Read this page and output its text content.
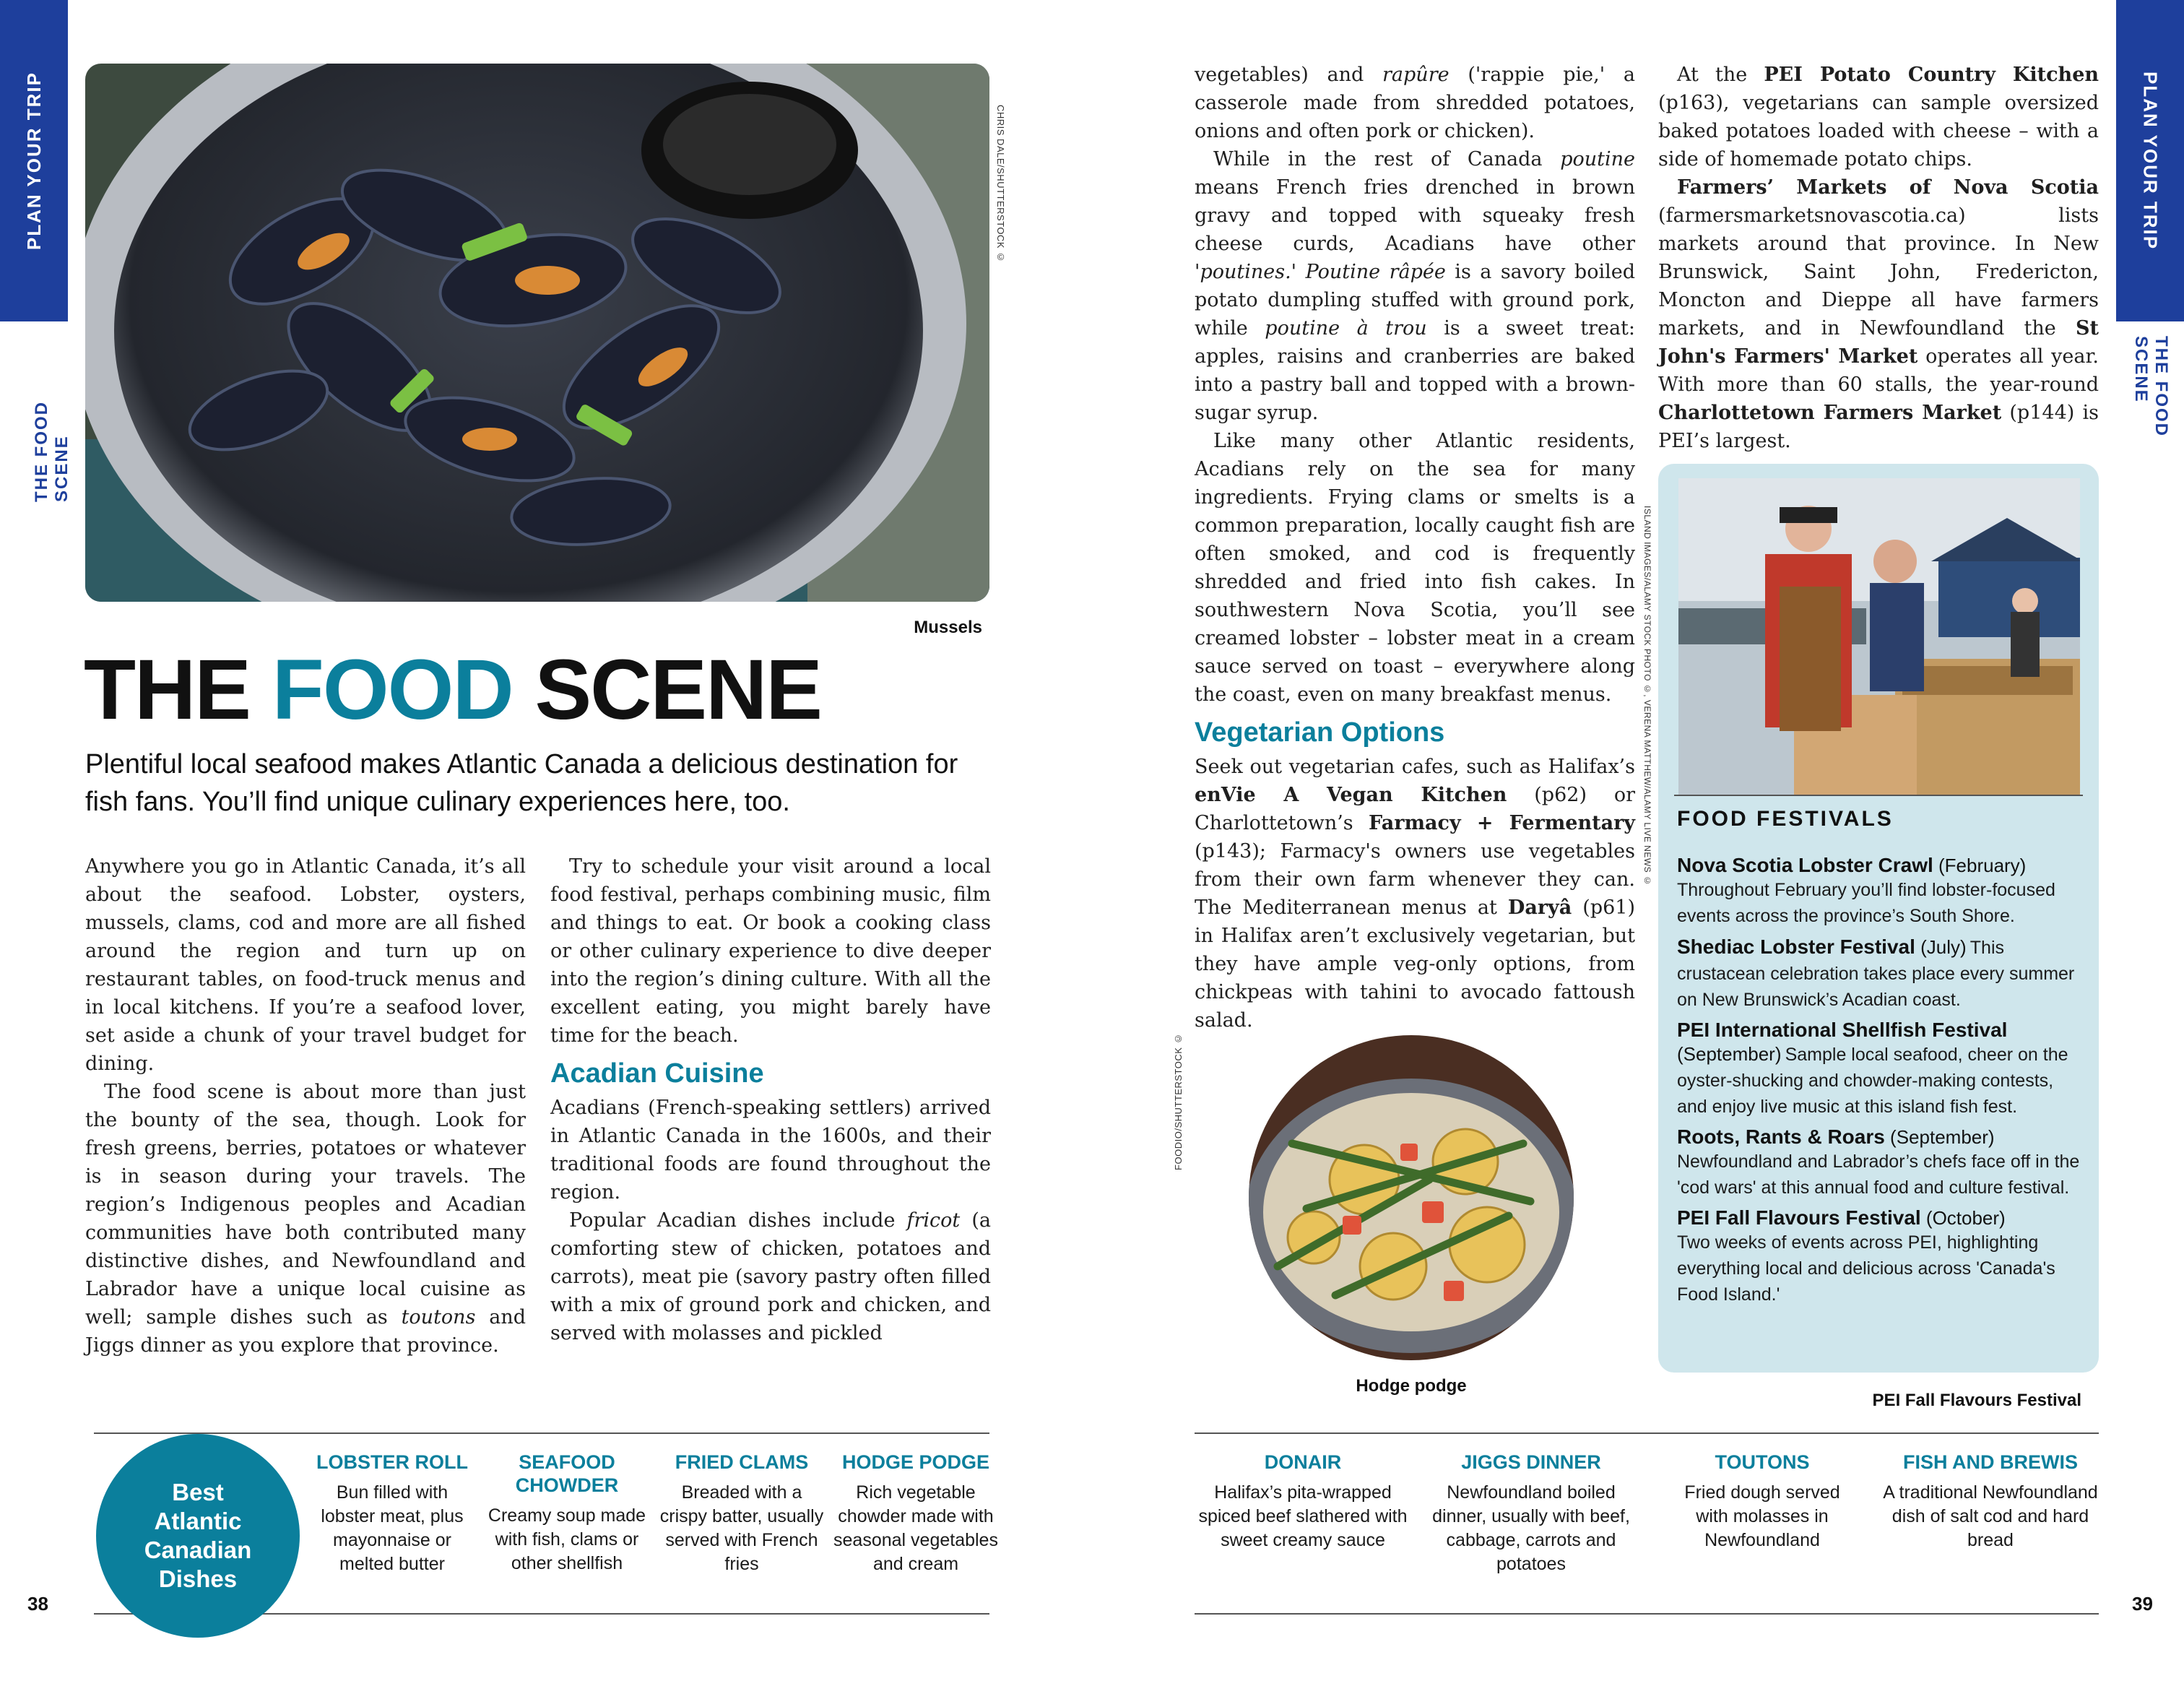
PLAN YOUR TRIP
THE FOOD SCENE
PLAN YOUR TRIP
THE FOOD SCENE
CHRIS DALE/SHUTTERSTOCK ©
Mussels
THE FOOD SCENE
Plentiful local seafood makes Atlantic Canada a delicious destination for fish fans. You’ll find unique culinary experiences here, too.

Anywhere you go in Atlantic Canada, it’s all about the seafood. Lobster, oysters, mussels, clams, cod and more are all fished around the region and turn up on restaurant tables, on food-truck menus and in local kitchens. If you’re a seafood lover, set aside a chunk of your travel budget for dining.

The food scene is about more than just the bounty of the sea, though. Look for fresh greens, berries, potatoes or whatever is in season during your travels. The region’s Indigenous peoples and Acadian communities have both contributed many distinctive dishes, and Newfoundland and Labrador have a unique local cuisine as well; sample dishes such as toutons and Jiggs dinner as you explore that province.

Try to schedule your visit around a local food festival, perhaps combining music, film and things to eat. Or book a cooking class or other culinary experience to dive deeper into the region’s dining culture. With all the excellent eating, you might barely have time for the beach.

Acadian Cuisine

Acadians (French-speaking settlers) arrived in Atlantic Canada in the 1600s, and their traditional foods are found throughout the region.

Popular Acadian dishes include fricot (a comforting stew of chicken, potatoes and carrots), meat pie (savory pastry often filled with a mix of ground pork and chicken, and served with molasses and pickled

Best Atlantic Canadian Dishes
LOBSTER ROLL
Bun filled with lobster meat, plus mayonnaise or melted butter
SEAFOOD CHOWDER
Creamy soup made with fish, clams or other shellfish
FRIED CLAMS
Breaded with a crispy batter, usually served with French fries
HODGE PODGE
Rich vegetable chowder made with seasonal vegetables and cream
38

vegetables) and rapûre ('rappie pie,' a casserole made from shredded potatoes, onions and often pork or chicken).

While in the rest of Canada poutine means French fries drenched in brown gravy and topped with squeaky fresh cheese curds, Acadians have other 'poutines.' Poutine râpée is a savory boiled potato dumpling stuffed with ground pork, while poutine à trou is a sweet treat: apples, raisins and cranberries are baked into a pastry ball and topped with a brown-sugar syrup.

Like many other Atlantic residents, Acadians rely on the sea for many ingredients. Frying clams or smelts is a common preparation, locally caught fish are often smoked, and cod is frequently shredded and fried into fish cakes. In southwestern Nova Scotia, you’ll see creamed lobster – lobster meat in a cream sauce served on toast – everywhere along the coast, even on many breakfast menus.

Vegetarian Options

Seek out vegetarian cafes, such as Halifax’s enVie A Vegan Kitchen (p62) or Charlottetown’s Farmacy + Fermentary (p143); Farmacy's owners use vegetables from their own farm whenever they can. The Mediterranean menus at Daryâ (p61) in Halifax aren’t exclusively vegetarian, but they have ample veg-only options, from chickpeas with tahini to avocado fattoush salad.

At the PEI Potato Country Kitchen (p163), vegetarians can sample oversized baked potatoes loaded with cheese – with a side of homemade potato chips.

Farmers’ Markets of Nova Scotia (farmersmarketsnovascotia.ca) lists markets around that province. In New Brunswick, Saint John, Fredericton, Moncton and Dieppe all have farmers markets, and in Newfoundland the St John's Farmers' Market operates all year. With more than 60 stalls, the year-round Charlottetown Farmers Market (p144) is PEI’s largest.

FOODIO/SHUTTERSTOCK ©
Hodge podge
FOOD FESTIVALS
Nova Scotia Lobster Crawl (February)
Throughout February you’ll find lobster-focused events across the province’s South Shore.
Shediac Lobster Festival (July) This crustacean celebration takes place every summer on New Brunswick’s Acadian coast.
PEI International Shellfish Festival (September) Sample local seafood, cheer on the oyster-shucking and chowder-making contests, and enjoy live music at this island fish fest.
Roots, Rants & Roars (September)
Newfoundland and Labrador’s chefs face off in the 'cod wars' at this annual food and culture festival.
PEI Fall Flavours Festival (October)
Two weeks of events across PEI, highlighting everything local and delicious across 'Canada's Food Island.'
ISLAND IMAGES/ALAMY STOCK PHOTO ©, VERENA MATTHEW/ALAMY LIVE NEWS ©
PEI Fall Flavours Festival
DONAIR
Halifax’s pita-wrapped spiced beef slathered with sweet creamy sauce
JIGGS DINNER
Newfoundland boiled dinner, usually with beef, cabbage, carrots and potatoes
TOUTONS
Fried dough served with molasses in Newfoundland
FISH AND BREWIS
A traditional Newfoundland dish of salt cod and hard bread
39
